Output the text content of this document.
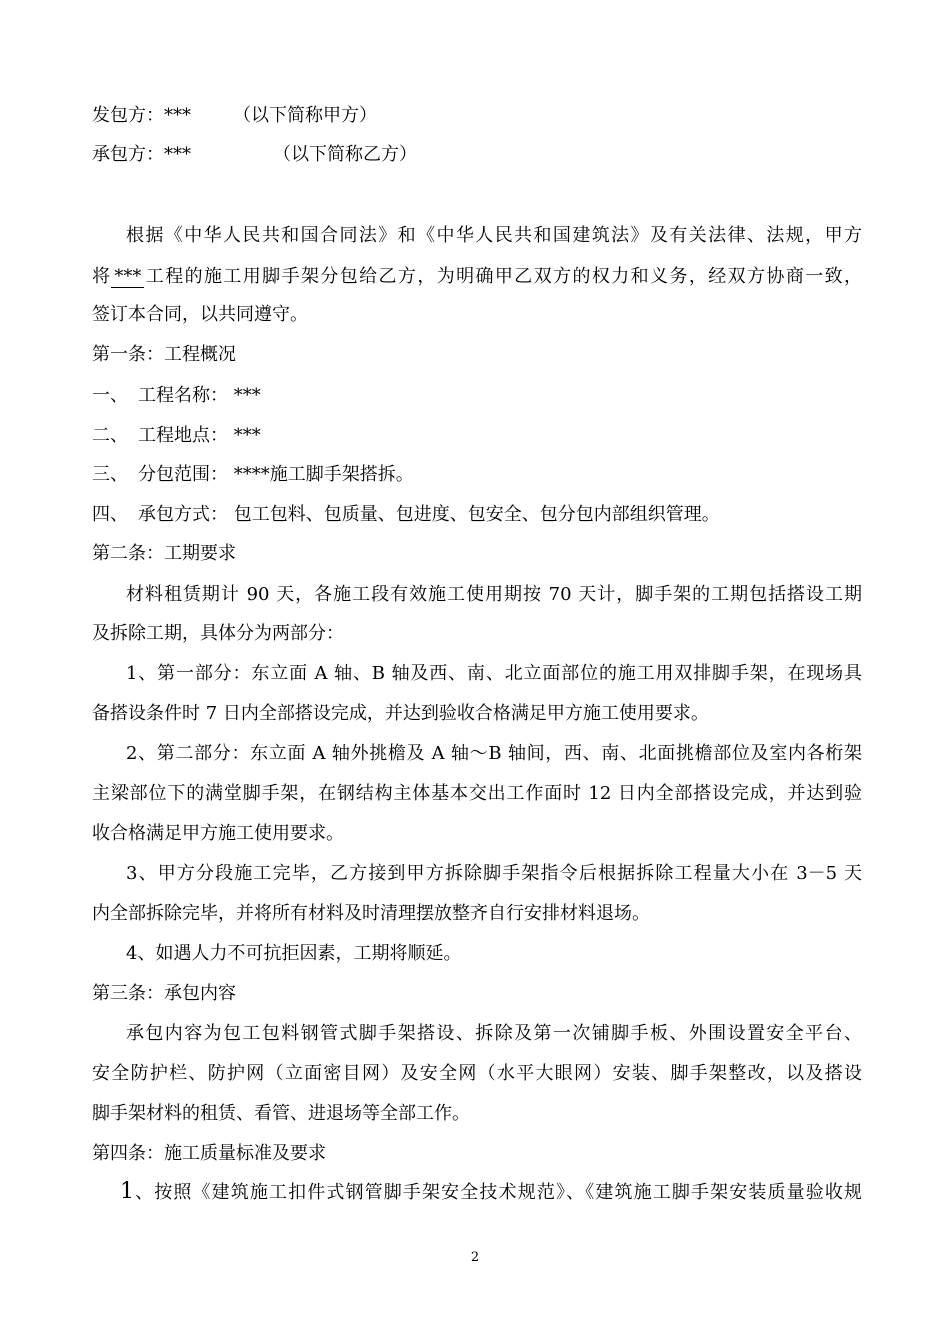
发包方：*** （以下简称甲方）
承包方：***	（以下简称乙方）
根据《中华人民共和国合同法》和《中华人民共和国建筑法》及有关法律、法规，甲方
将 *** 工程的施工用脚手架分包给乙方，为明确甲乙双方的权力和义务，经双方协商一致，
签订本合同，以共同遵守。
第一条：工程概况
一、 工程名称： ***
二、 工程地点： ***
三、 分包范围： ****施工脚手架搭拆。
四、 承包方式： 包工包料、包质量、包进度、包安全、包分包内部组织管理。
第二条：工期要求
材料租赁期计 90 天，各施工段有效施工使用期按 70 天计，脚手架的工期包括搭设工期
及拆除工期，具体分为两部分：
1、第一部分：东立面 A 轴、B 轴及西、南、北立面部位的施工用双排脚手架，在现场具
备搭设条件时 7 日内全部搭设完成，并达到验收合格满足甲方施工使用要求。
2、第二部分：东立面 A 轴外挑檐及 A 轴～B 轴间，西、南、北面挑檐部位及室内各桁架
主梁部位下的满堂脚手架，在钢结构主体基本交出工作面时 12 日内全部搭设完成，并达到验
收合格满足甲方施工使用要求。
3、甲方分段施工完毕，乙方接到甲方拆除脚手架指令后根据拆除工程量大小在 3－5 天
内全部拆除完毕，并将所有材料及时清理摆放整齐自行安排材料退场。
4、如遇人力不可抗拒因素，工期将顺延。
第三条：承包内容
承包内容为包工包料钢管式脚手架搭设、拆除及第一次铺脚手板、外围设置安全平台、
安全防护栏、防护网（立面密目网）及安全网（水平大眼网）安装、脚手架整改，以及搭设
脚手架材料的租赁、看管、进退场等全部工作。
第四条：施工质量标准及要求
1、按照《建筑施工扣件式钢管脚手架安全技术规范》、《建筑施工脚手架安装质量验收规
2
